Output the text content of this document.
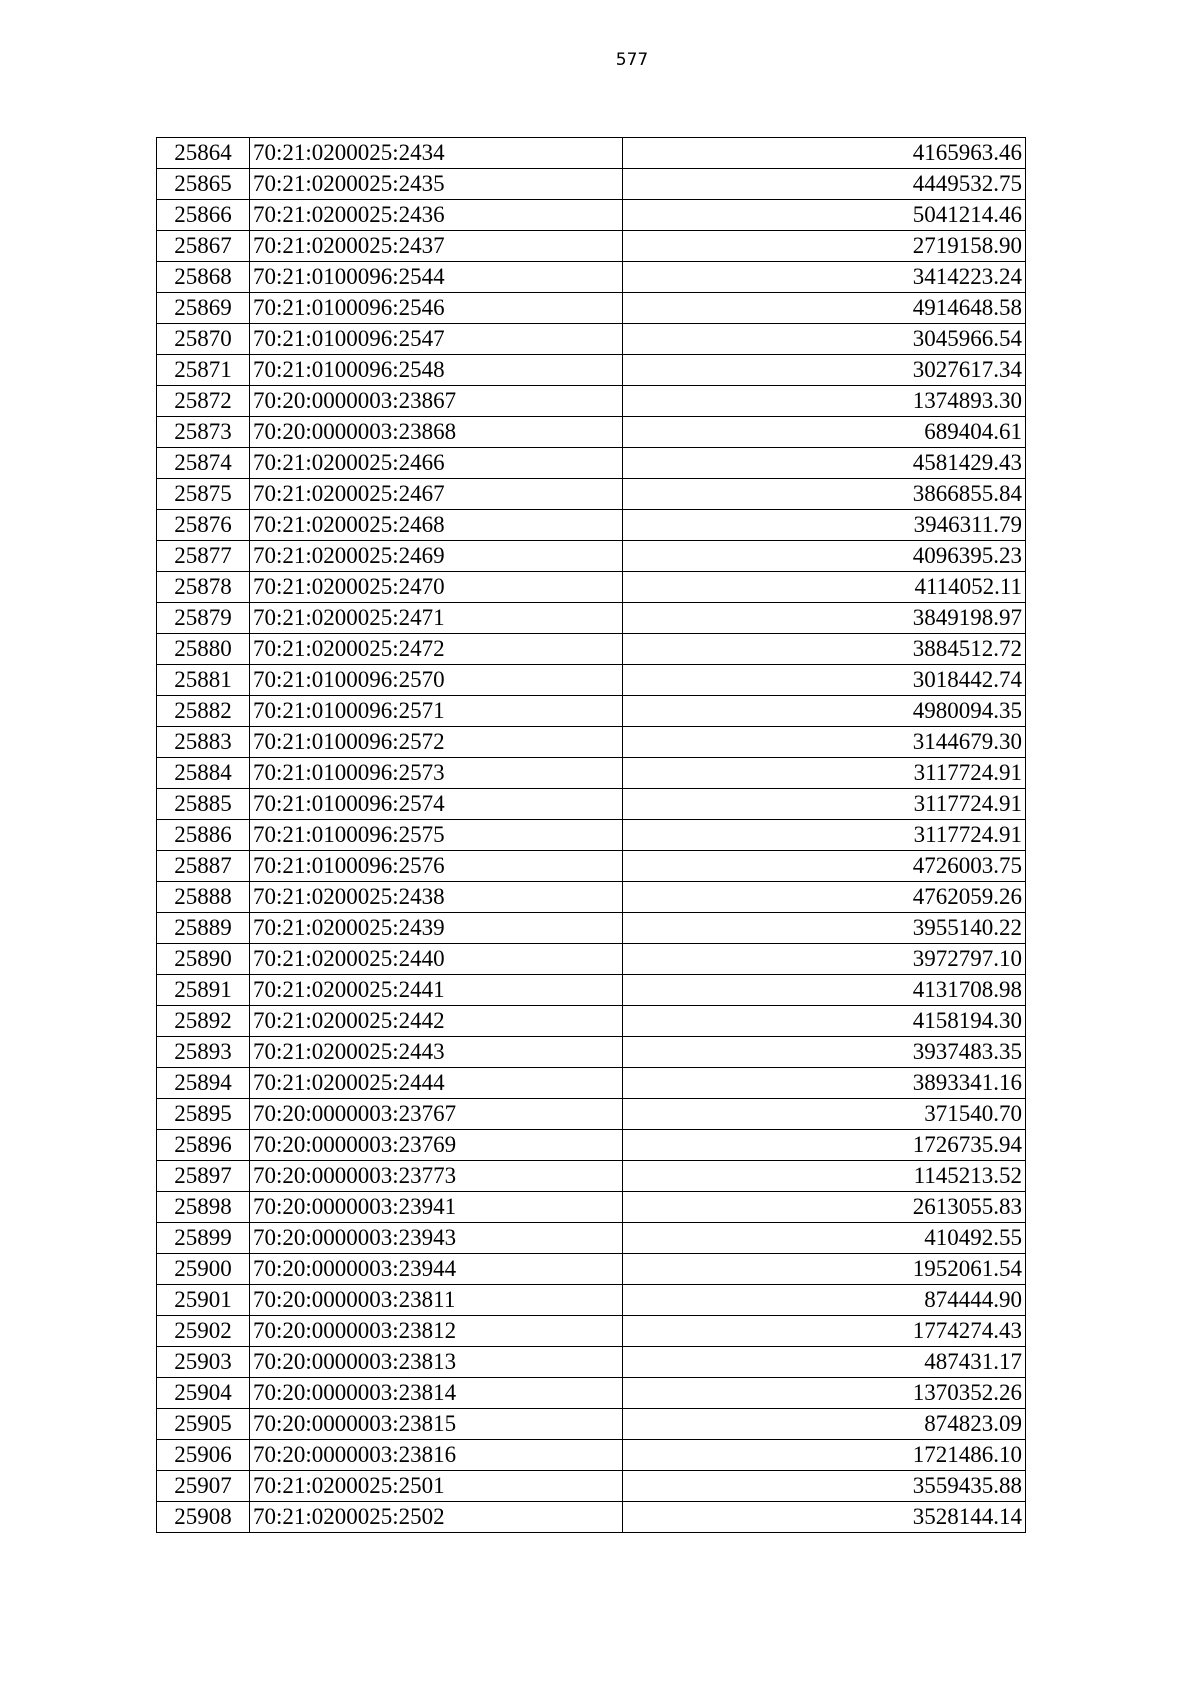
577
25864	70:21:0200025:2434	4165963.46
25865	70:21:0200025:2435	4449532.75
25866	70:21:0200025:2436	5041214.46
25867	70:21:0200025:2437	2719158.90
25868	70:21:0100096:2544	3414223.24
25869	70:21:0100096:2546	4914648.58
25870	70:21:0100096:2547	3045966.54
25871	70:21:0100096:2548	3027617.34
25872	70:20:0000003:23867	1374893.30
25873	70:20:0000003:23868	689404.61
25874	70:21:0200025:2466	4581429.43
25875	70:21:0200025:2467	3866855.84
25876	70:21:0200025:2468	3946311.79
25877	70:21:0200025:2469	4096395.23
25878	70:21:0200025:2470	4114052.11
25879	70:21:0200025:2471	3849198.97
25880	70:21:0200025:2472	3884512.72
25881	70:21:0100096:2570	3018442.74
25882	70:21:0100096:2571	4980094.35
25883	70:21:0100096:2572	3144679.30
25884	70:21:0100096:2573	3117724.91
25885	70:21:0100096:2574	3117724.91
25886	70:21:0100096:2575	3117724.91
25887	70:21:0100096:2576	4726003.75
25888	70:21:0200025:2438	4762059.26
25889	70:21:0200025:2439	3955140.22
25890	70:21:0200025:2440	3972797.10
25891	70:21:0200025:2441	4131708.98
25892	70:21:0200025:2442	4158194.30
25893	70:21:0200025:2443	3937483.35
25894	70:21:0200025:2444	3893341.16
25895	70:20:0000003:23767	371540.70
25896	70:20:0000003:23769	1726735.94
25897	70:20:0000003:23773	1145213.52
25898	70:20:0000003:23941	2613055.83
25899	70:20:0000003:23943	410492.55
25900	70:20:0000003:23944	1952061.54
25901	70:20:0000003:23811	874444.90
25902	70:20:0000003:23812	1774274.43
25903	70:20:0000003:23813	487431.17
25904	70:20:0000003:23814	1370352.26
25905	70:20:0000003:23815	874823.09
25906	70:20:0000003:23816	1721486.10
25907	70:21:0200025:2501	3559435.88
25908	70:21:0200025:2502	3528144.14
